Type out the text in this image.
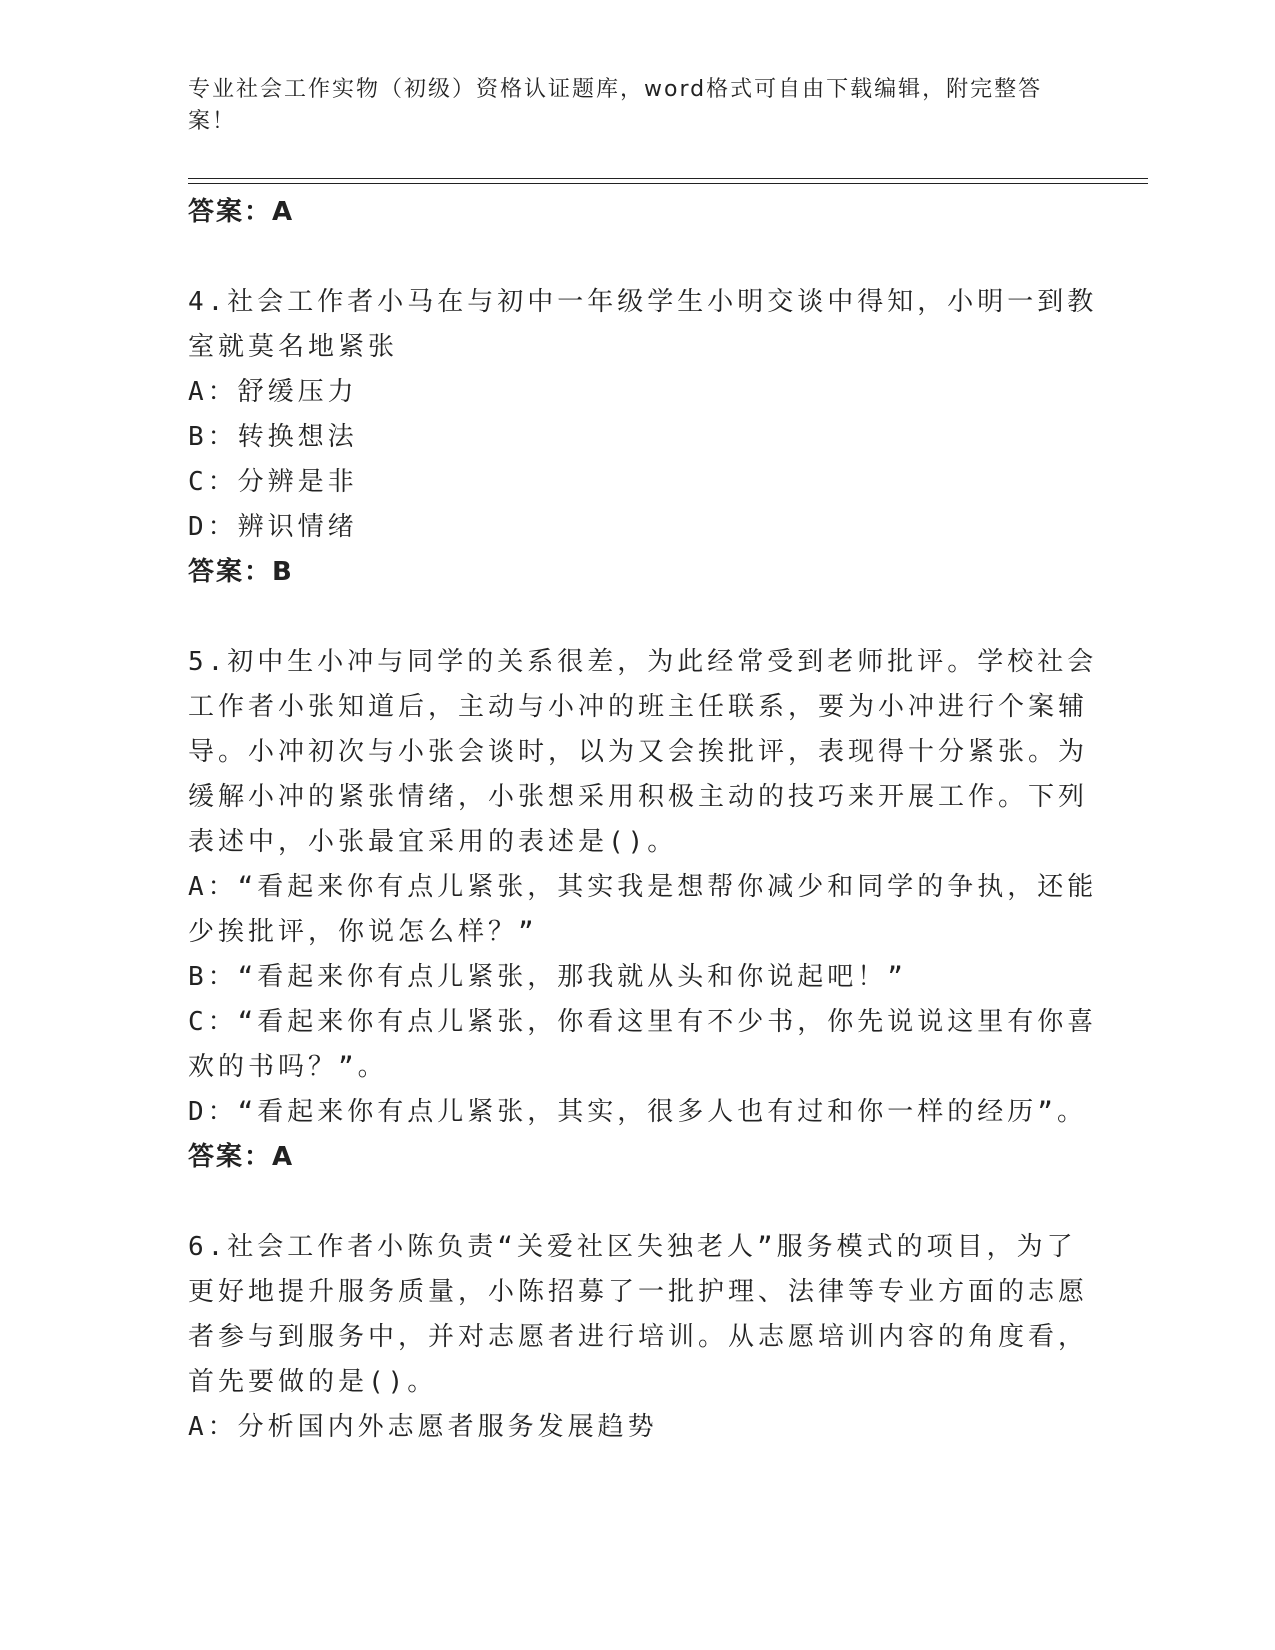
专业社会工作实物（初级）资格认证题库，word格式可自由下载编辑，附完整答案！
答案：A
4.社会工作者小马在与初中一年级学生小明交谈中得知，小明一到教
室就莫名地紧张
A：舒缓压力
B：转换想法
C：分辨是非
D：辨识情绪
答案：B
5.初中生小冲与同学的关系很差，为此经常受到老师批评。学校社会
工作者小张知道后，主动与小冲的班主任联系，要为小冲进行个案辅
导。小冲初次与小张会谈时，以为又会挨批评，表现得十分紧张。为
缓解小冲的紧张情绪，小张想采用积极主动的技巧来开展工作。下列
表述中，小张最宜采用的表述是()。
A：“看起来你有点儿紧张，其实我是想帮你减少和同学的争执，还能
少挨批评，你说怎么样？”
B：“看起来你有点儿紧张，那我就从头和你说起吧！”
C：“看起来你有点儿紧张，你看这里有不少书，你先说说这里有你喜
欢的书吗？”。
D：“看起来你有点儿紧张，其实，很多人也有过和你一样的经历”。
答案：A
6.社会工作者小陈负责“关爱社区失独老人”服务模式的项目，为了
更好地提升服务质量，小陈招募了一批护理、法律等专业方面的志愿
者参与到服务中，并对志愿者进行培训。从志愿培训内容的角度看，
首先要做的是()。
A：分析国内外志愿者服务发展趋势
